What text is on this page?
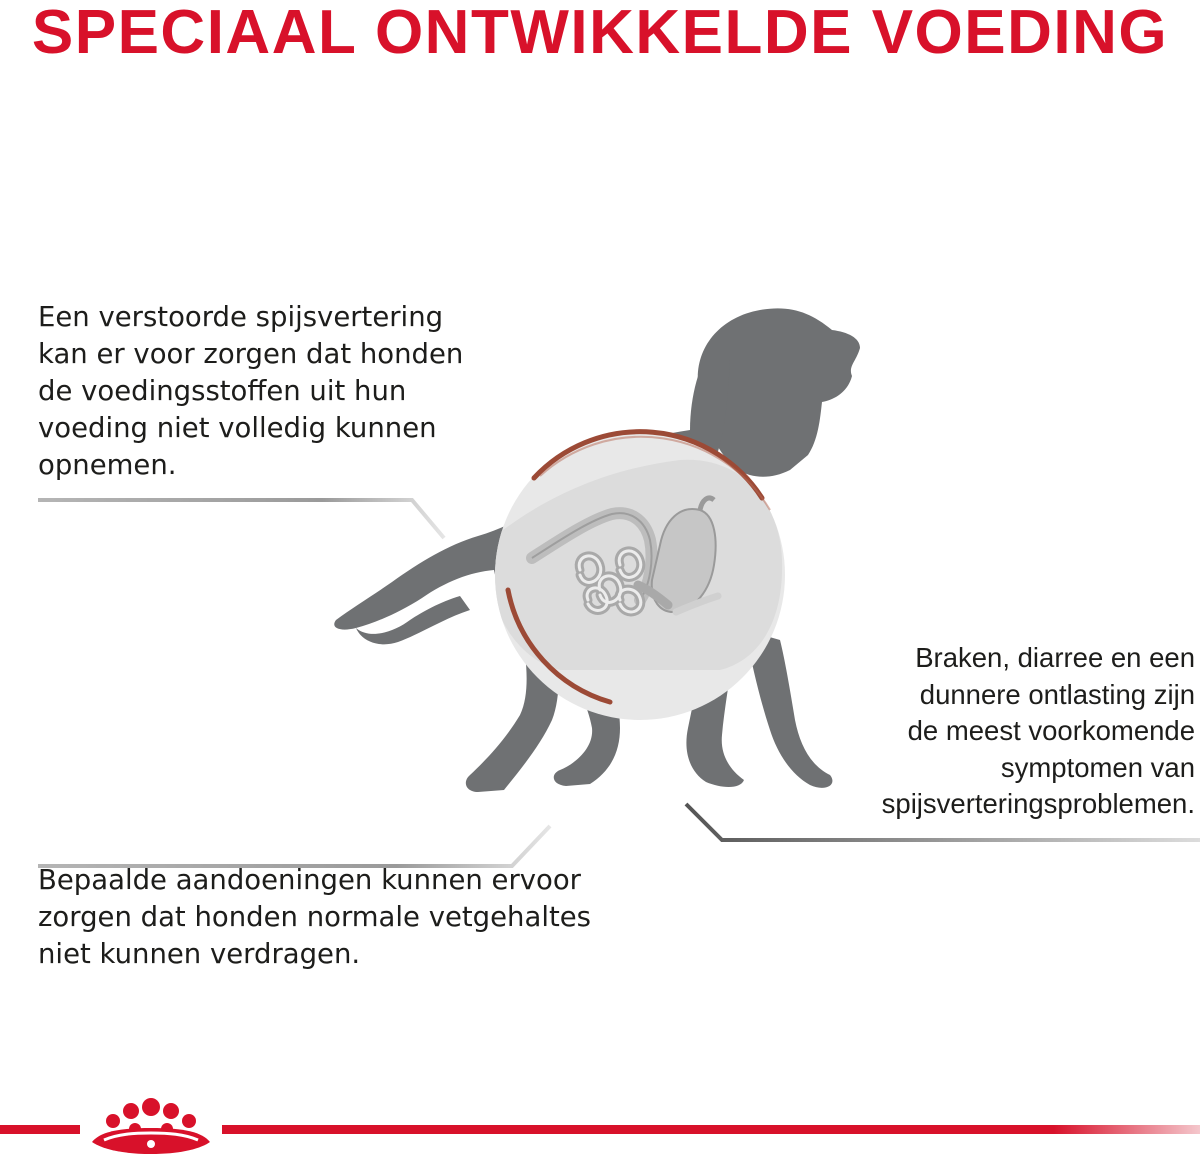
SPECIAAL ONTWIKKELDE VOEDING
Een verstoorde spijsvertering
kan er voor zorgen dat honden
de voedingsstoffen uit hun
voeding niet volledig kunnen
opnemen.
Bepaalde aandoeningen kunnen ervoor
zorgen dat honden normale vetgehaltes
niet kunnen verdragen.
Braken, diarree en een
dunnere ontlasting zijn
de meest voorkomende
symptomen van
spijsverteringsproblemen.
